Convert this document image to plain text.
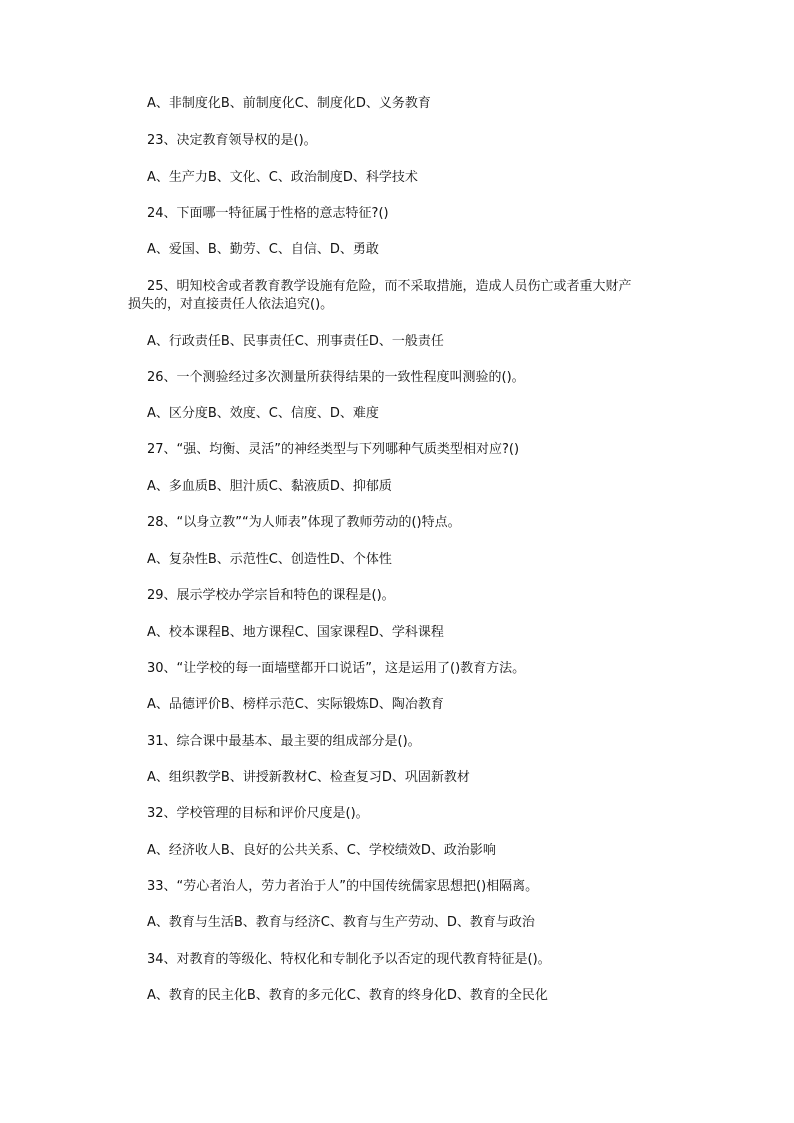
A、非制度化B、前制度化C、制度化D、义务教育
23、决定教育领导权的是()。
A、生产力B、文化、C、政治制度D、科学技术
24、下面哪一特征属于性格的意志特征?()
A、爱国、B、勤劳、C、自信、D、勇敢
25、明知校舍或者教育教学设施有危险，而不采取措施，造成人员伤亡或者重大财产
损失的，对直接责任人依法追究()。
A、行政责任B、民事责任C、刑事责任D、一般责任
26、一个测验经过多次测量所获得结果的一致性程度叫测验的()。
A、区分度B、效度、C、信度、D、难度
27、“强、均衡、灵活”的神经类型与下列哪种气质类型相对应?()
A、多血质B、胆汁质C、黏液质D、抑郁质
28、“以身立教”“为人师表”体现了教师劳动的()特点。
A、复杂性B、示范性C、创造性D、个体性
29、展示学校办学宗旨和特色的课程是()。
A、校本课程B、地方课程C、国家课程D、学科课程
30、“让学校的每一面墙壁都开口说话”，这是运用了()教育方法。
A、品德评价B、榜样示范C、实际锻炼D、陶冶教育
31、综合课中最基本、最主要的组成部分是()。
A、组织教学B、讲授新教材C、检查复习D、巩固新教材
32、学校管理的目标和评价尺度是()。
A、经济收人B、良好的公共关系、C、学校绩效D、政治影响
33、“劳心者治人，劳力者治于人”的中国传统儒家思想把()相隔离。
A、教育与生活B、教育与经济C、教育与生产劳动、D、教育与政治
34、对教育的等级化、特权化和专制化予以否定的现代教育特征是()。
A、教育的民主化B、教育的多元化C、教育的终身化D、教育的全民化
